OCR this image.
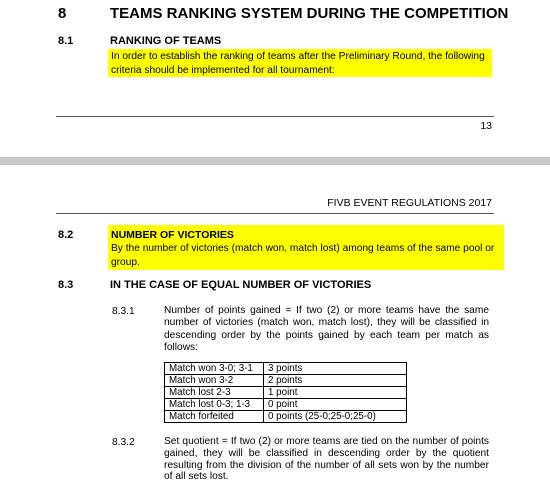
8	TEAMS RANKING SYSTEM DURING THE COMPETITION
8.1	RANKING OF TEAMS
In order to establish the ranking of teams after the Preliminary Round, the following criteria should be implemented for all tournament:
13
FIVB EVENT REGULATIONS 2017
8.2	NUMBER OF VICTORIES
By the number of victories (match won, match lost) among teams of the same pool or group.
8.3	IN THE CASE OF EQUAL NUMBER OF VICTORIES
8.3.1	Number of points gained = If two (2) or more teams have the same number of victories (match won, match lost), they will be classified in descending order by the points gained by each team per match as follows:
Match won 3-0; 3-1	3 points
Match won 3-2	2 points
Match lost 2-3	1 point
Match lost 0-3; 1-3	0 point
Match forfeited	0 points (25-0;25-0;25-0)
8.3.2	Set quotient = If two (2) or more teams are tied on the number of points gained, they will be classified in descending order by the quotient resulting from the division of the number of all sets won by the number of all sets lost.
